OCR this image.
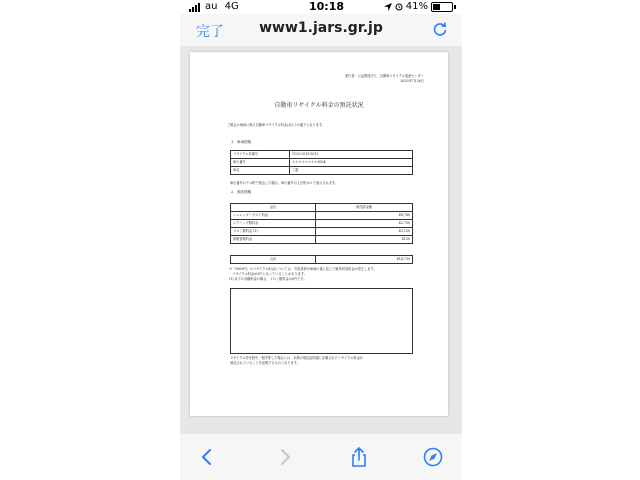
au 4G	10:18	41%
完了	www1.jars.gr.jp
発行者：公益財団法人　自動車リサイクル促進センター
2020年7月26日
自動車リサイクル料金の預託状況
ご照会の車両に係る自動車リサイクル料金は以下の通りとなります。
1．車両情報
リサイクル券番号	1133-2019-3012
車台番号	＊＊＊＊＊＊＊＊8504
車名	三菱
車台番号の下４桁で照会した場合、車台番号の上位桁は＊で表示されます。
2．預託情報
品目	預託済金額
シュレッダーダスト料金	¥8,780
エアバッグ類料金	¥2,700
フロン類料金 (1)	¥2,100
情報管理料金	¥130
合計	¥14,730
※「0000円」のリサイクル料金については、引取業者が車両の重に応じて解体回収料金が発生します。
　リサイクル料金が0円となっていることがあります。
(1) 以下の各種料金の場合、フロン類料金は0円です。
リサイクル券を紛失・損失等した場合には、本紙が預託証明書に記載されたリサイクル料金が
預託されていることを証明するものとなります。
